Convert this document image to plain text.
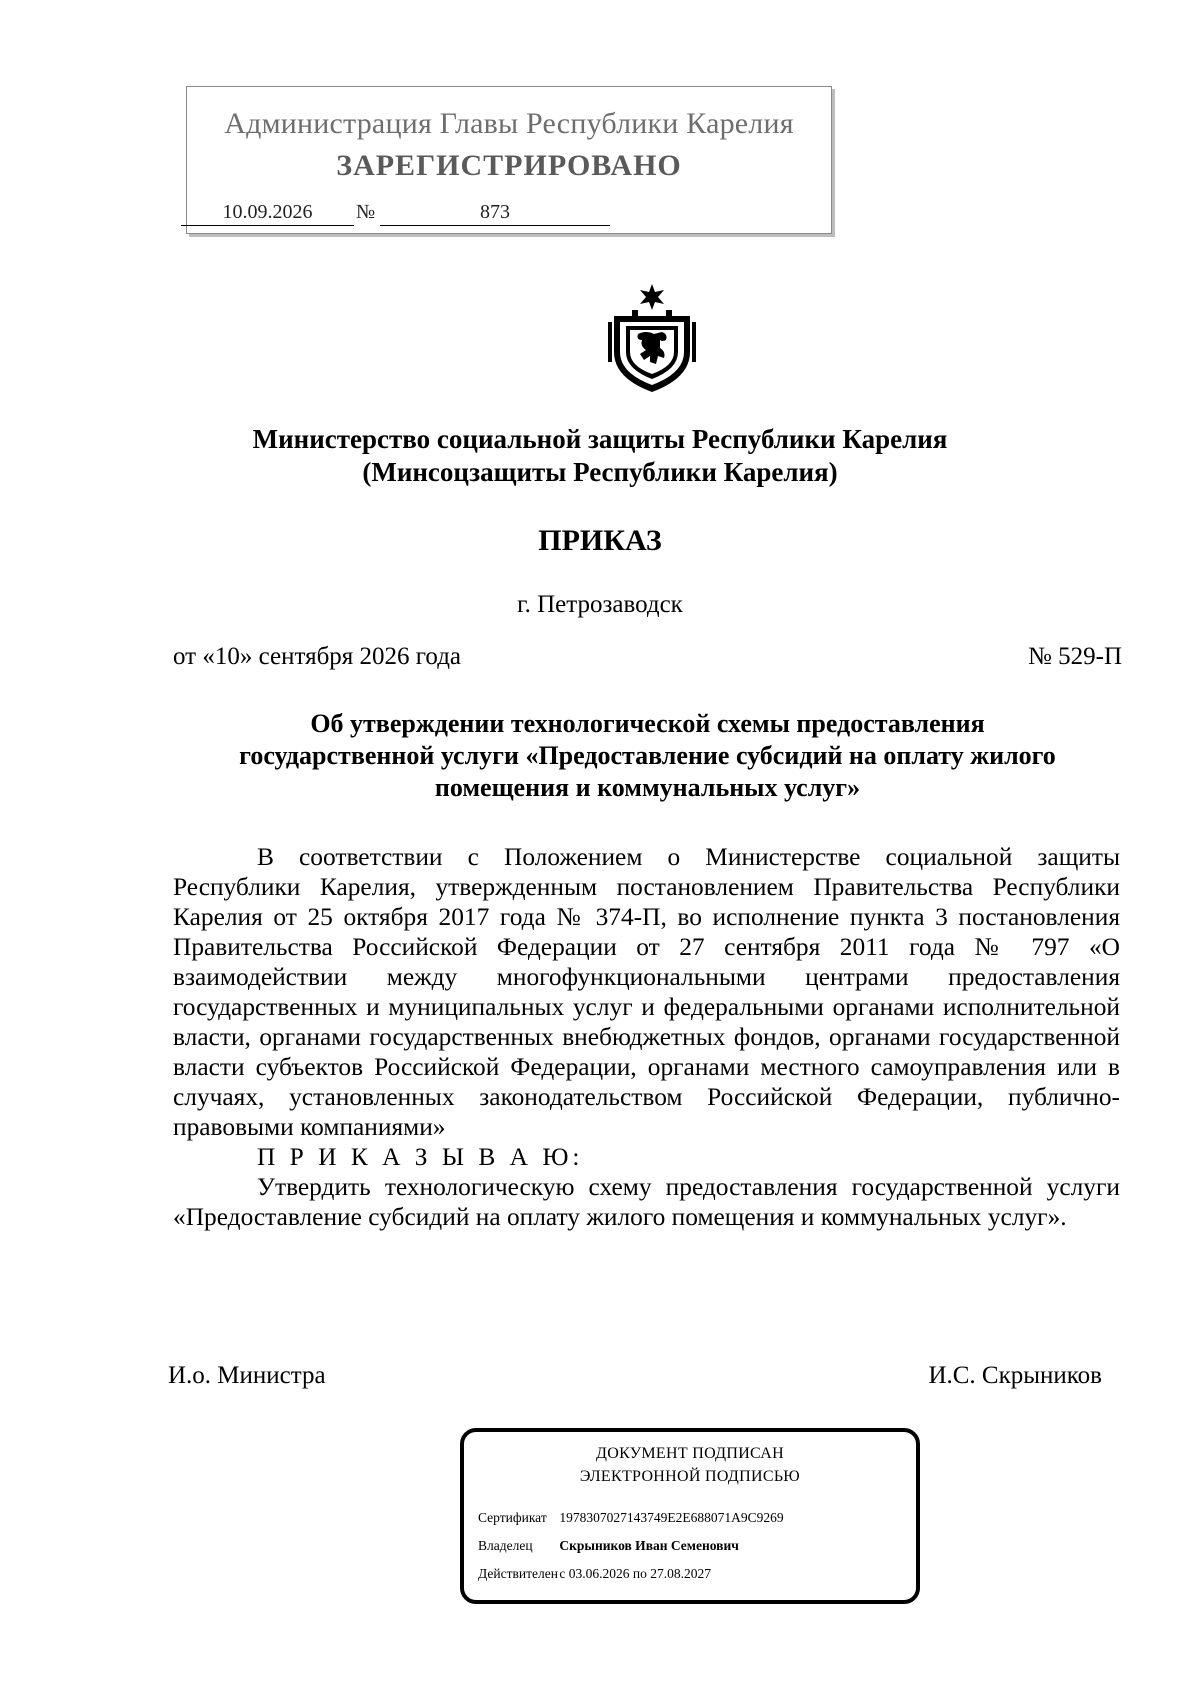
Администрация Главы Республики Карелия
ЗАРЕГИСТРИРОВАНО
10.09.2026	№	873
Министерство социальной защиты Республики Карелия
(Минсоцзащиты Республики Карелия)
ПРИКАЗ
г. Петрозаводск
от «10» сентября 2026 года	№ 529-П
Об утверждении технологической схемы предоставления
государственной услуги «Предоставление субсидий на оплату жилого
помещения и коммунальных услуг»

В соответствии с Положением о Министерстве социальной защиты Республики Карелия, утвержденным постановлением Правительства Республики Карелия от 25 октября 2017 года № 374-П, во исполнение пункта 3 постановления Правительства Российской Федерации от 27 сентября 2011 года № 797 «О взаимодействии между многофункциональными центрами предоставления государственных и муниципальных услуг и федеральными органами исполнительной власти, органами государственных внебюджетных фондов, органами государственной власти субъектов Российской Федерации, органами местного самоуправления или в случаях, установленных законодательством Российской Федерации, публично-правовыми компаниями»

П Р И К А З Ы В А Ю:

Утвердить технологическую схему предоставления государственной услуги «Предоставление субсидий на оплату жилого помещения и коммунальных услуг».

И.о. Министра	И.С. Скрыников
ДОКУМЕНТ ПОДПИСАН
ЭЛЕКТРОННОЙ ПОДПИСЬЮ
Сертификат 1978307027143749E2E688071A9C9269
Владелец Скрыников Иван Семенович
Действителен с 03.06.2026 по 27.08.2027
